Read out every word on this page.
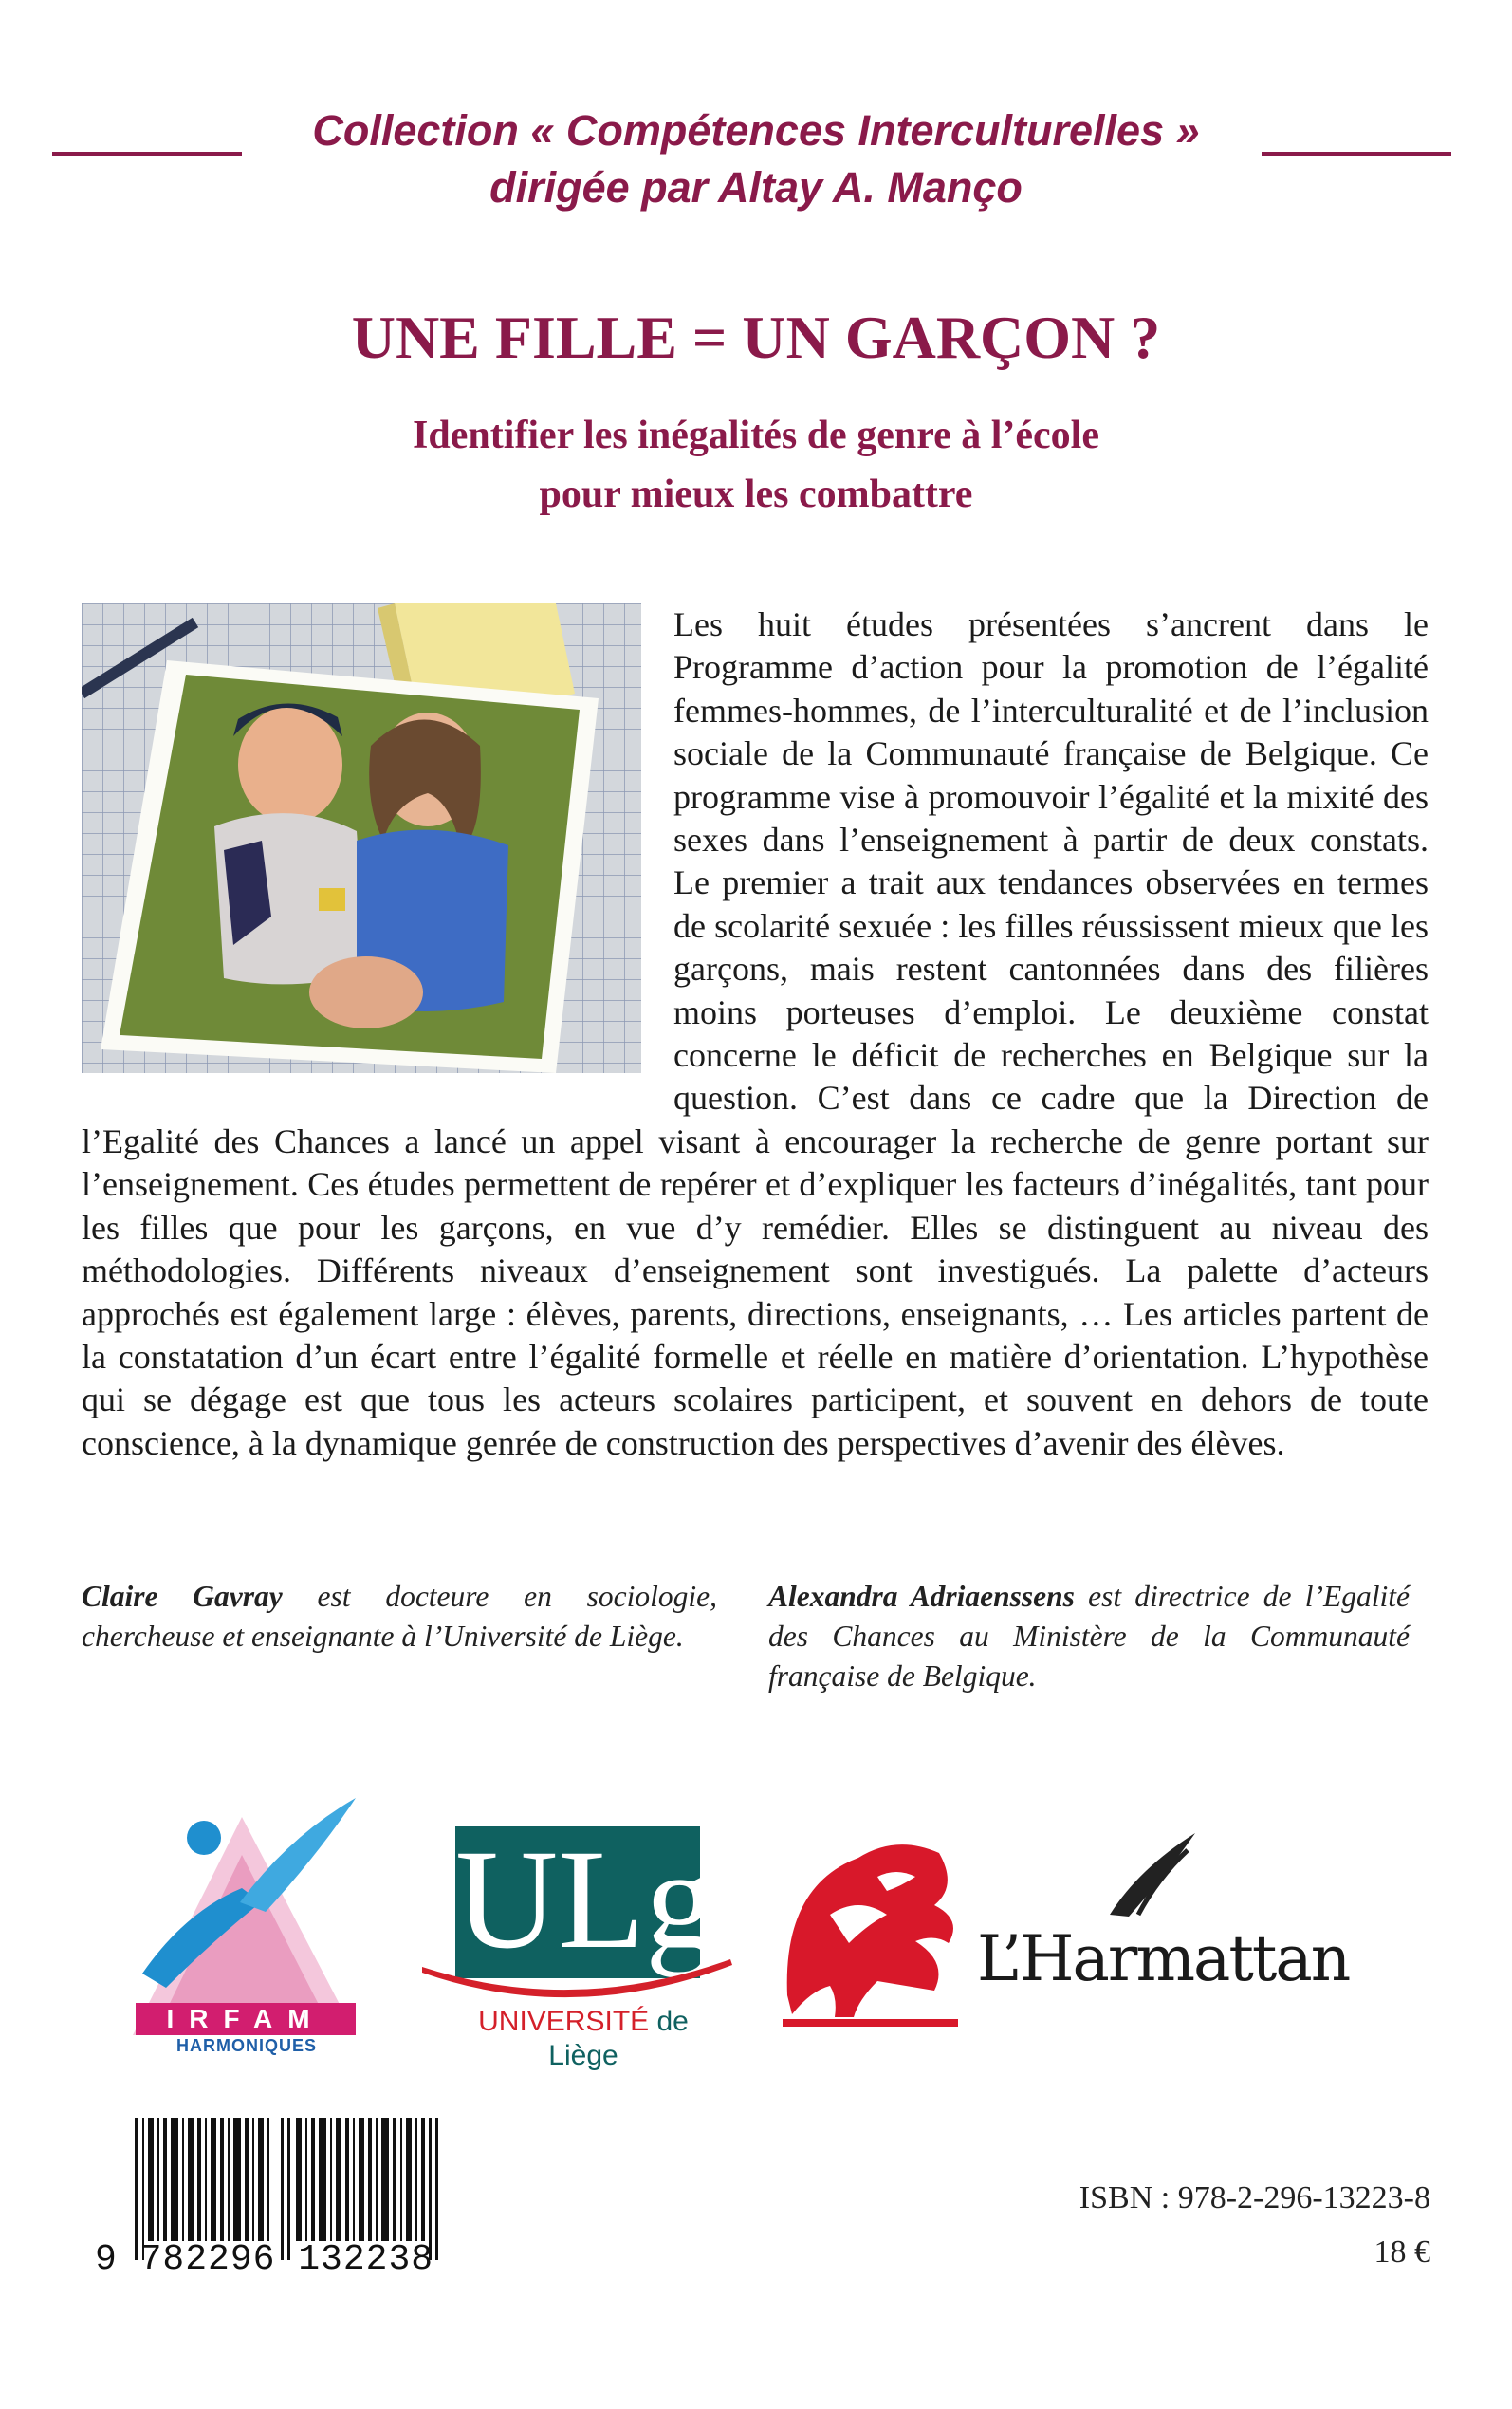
Collection « Compétences Interculturelles »
dirigée par Altay A. Mançо
UNE FILLE = UN GARÇON ?
Identifier les inégalités de genre à l’école
pour mieux les combattre
Les huit études présentées s’ancrent dans le Programme d’action pour la promotion de l’égalité femmes-hommes, de l’interculturalité et de l’inclusion sociale de la Communauté française de Belgique. Ce programme vise à promouvoir l’égalité et la mixité des sexes dans l’enseignement à partir de deux constats. Le premier a trait aux tendances observées en termes de scolarité sexuée : les filles réussissent mieux que les garçons, mais restent cantonnées dans des filières moins porteuses d’emploi. Le deuxième constat concerne le déficit de recherches en Belgique sur la question. C’est dans ce cadre que la Direction de l’Egalité des Chances a lancé un appel visant à encourager la recherche de genre portant sur l’enseignement. Ces études permettent de repérer et d’expliquer les facteurs d’inégalités, tant pour les filles que pour les garçons, en vue d’y remédier. Elles se distinguent au niveau des méthodologies. Différents niveaux d’enseignement sont investigués. La palette d’acteurs approchés est également large : élèves, parents, directions, enseignants, … Les articles partent de la constatation d’un écart entre l’égalité formelle et réelle en matière d’orientation. L’hypothèse qui se dégage est que tous les acteurs scolaires participent, et souvent en dehors de toute conscience, à la dynamique genrée de construction des perspectives d’avenir des élèves.
Claire Gavray est docteure en sociologie, chercheuse et enseignante à l’Université de Liège.
Alexandra Adriaenssens est directrice de l’Egalité des Chances au Ministère de la Communauté française de Belgique.
IRFAM
HARMONIQUES
ULg
UNIVERSITÉ de Liège
L’Harmattan
9 782296 132238
ISBN : 978-2-296-13223-8
18 €
